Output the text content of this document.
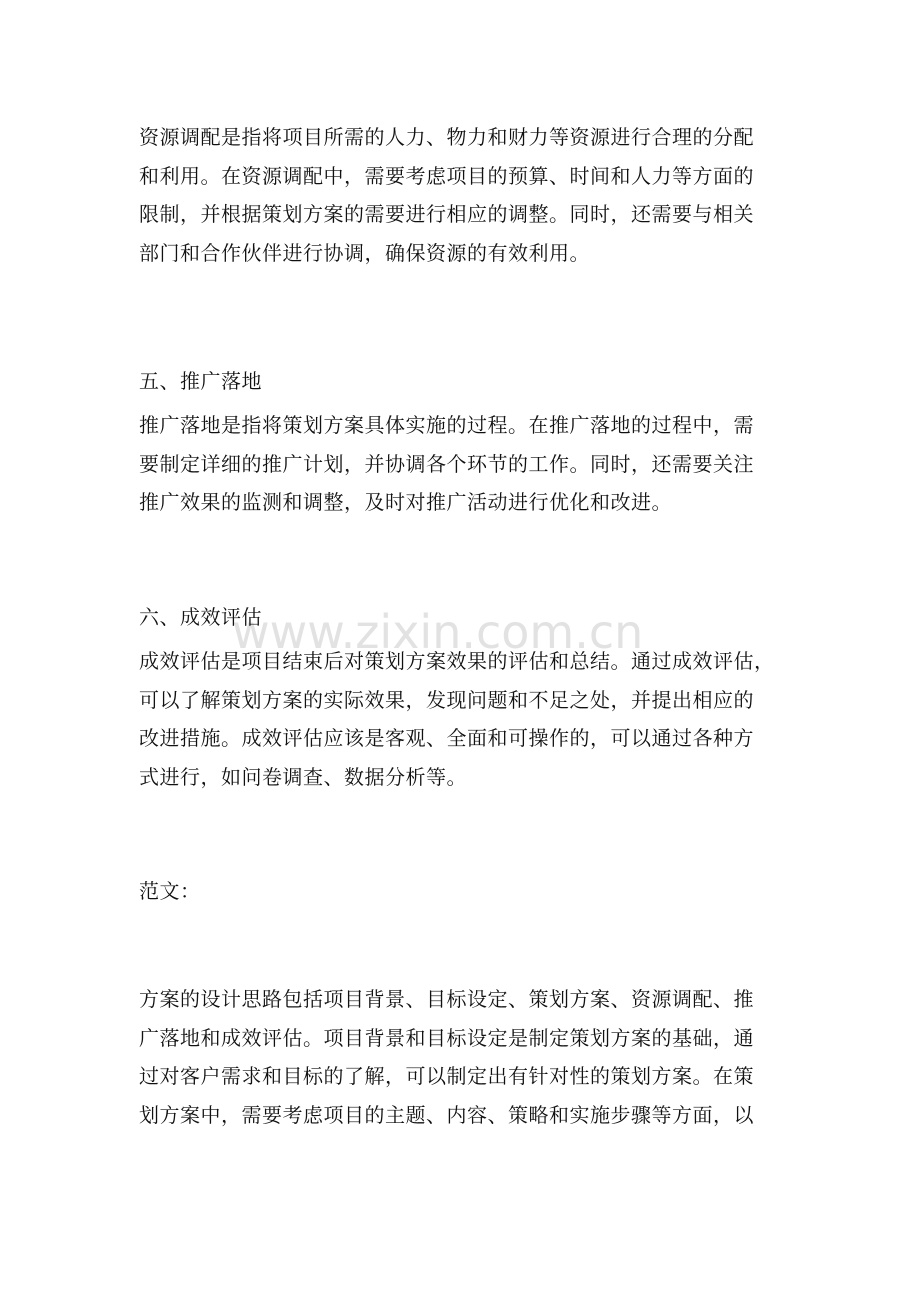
www.zixin.com.cn
资源调配是指将项目所需的人力、物力和财力等资源进行合理的分配
和利用。在资源调配中，需要考虑项目的预算、时间和人力等方面的
限制，并根据策划方案的需要进行相应的调整。同时，还需要与相关
部门和合作伙伴进行协调，确保资源的有效利用。
五、推广落地
推广落地是指将策划方案具体实施的过程。在推广落地的过程中，需
要制定详细的推广计划，并协调各个环节的工作。同时，还需要关注
推广效果的监测和调整，及时对推广活动进行优化和改进。
六、成效评估
成效评估是项目结束后对策划方案效果的评估和总结。通过成效评估，
可以了解策划方案的实际效果，发现问题和不足之处，并提出相应的
改进措施。成效评估应该是客观、全面和可操作的，可以通过各种方
式进行，如问卷调查、数据分析等。
范文：
方案的设计思路包括项目背景、目标设定、策划方案、资源调配、推
广落地和成效评估。项目背景和目标设定是制定策划方案的基础，通
过对客户需求和目标的了解，可以制定出有针对性的策划方案。在策
划方案中，需要考虑项目的主题、内容、策略和实施步骤等方面，以
